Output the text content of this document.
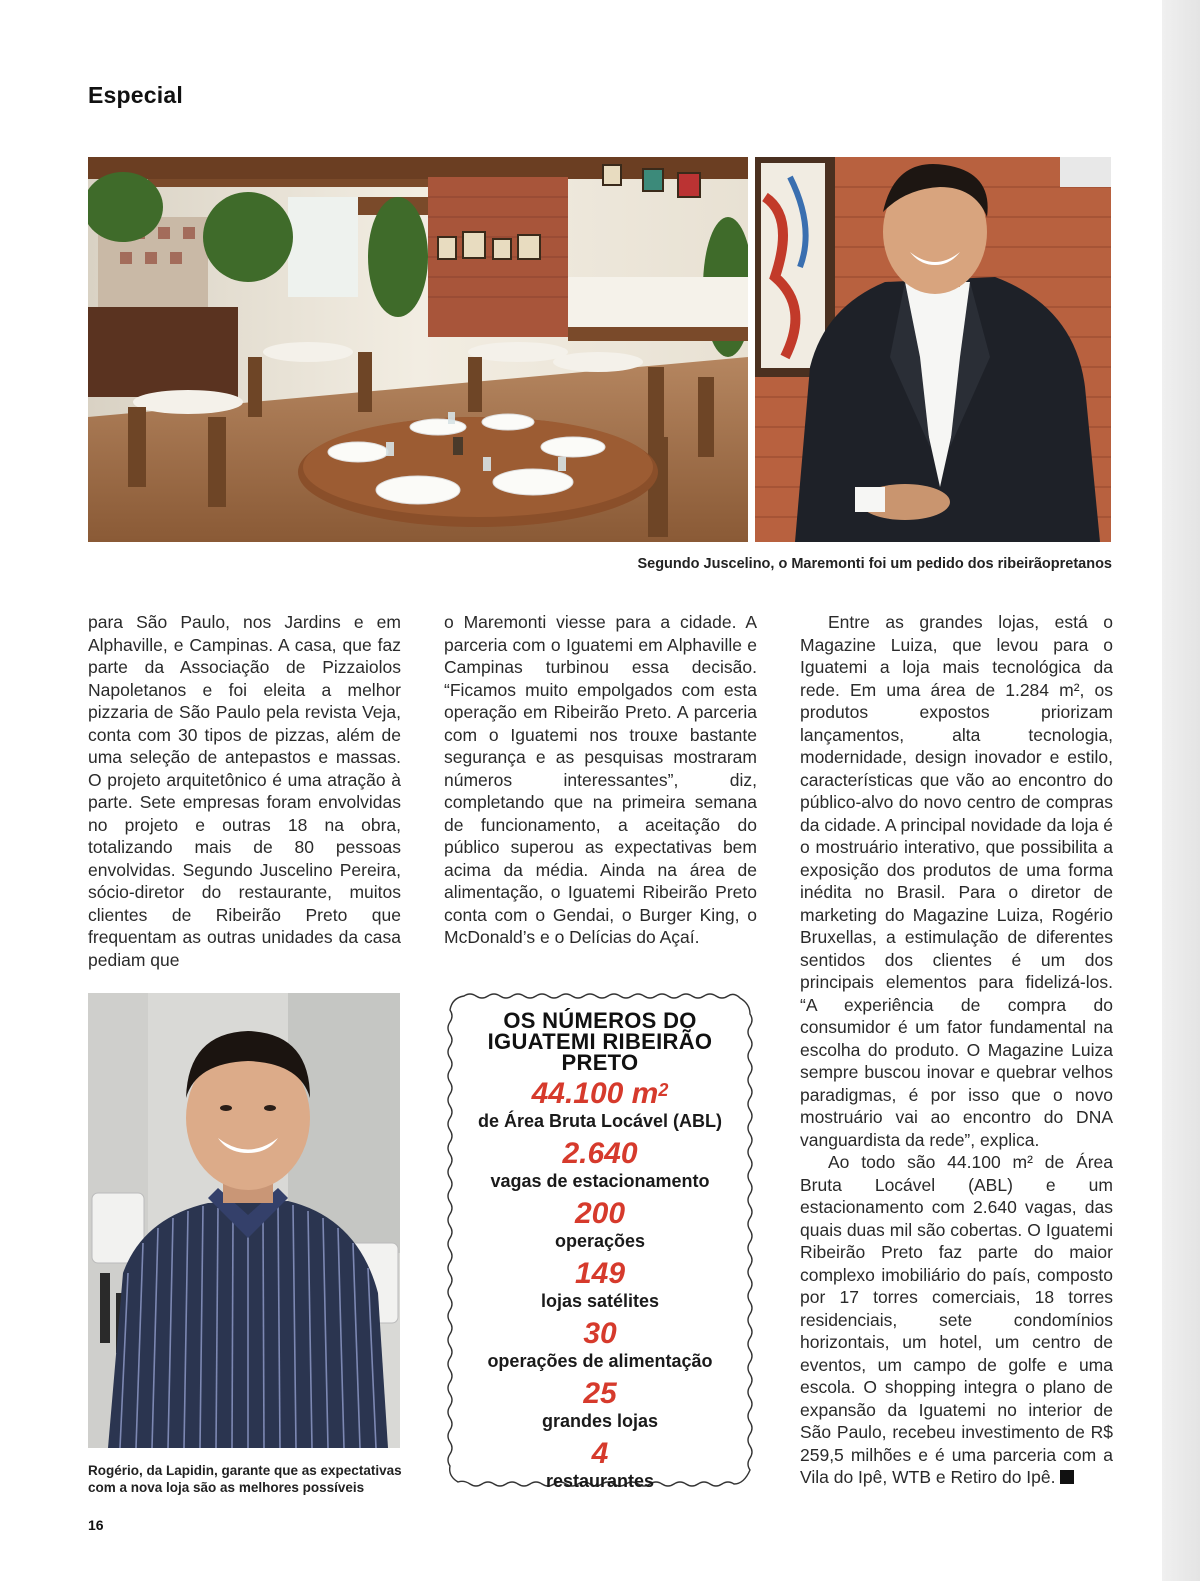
Especial
Segundo Juscelino, o Maremonti foi um pedido dos ribeirãopretanos

para São Paulo, nos Jardins e em Alphaville, e Campinas. A casa, que faz parte da Associação de Pizzaiolos Napoletanos e foi eleita a melhor pizzaria de São Paulo pela revista Veja, conta com 30 tipos de pizzas, além de uma seleção de antepastos e massas. O projeto arquitetônico é uma atração à parte. Sete empresas foram envolvidas no projeto e outras 18 na obra, totalizando mais de 80 pessoas envolvidas. Segundo Juscelino Pereira, sócio-diretor do restaurante, muitos clientes de Ribeirão Preto que frequentam as outras unidades da casa pediam que

o Maremonti viesse para a cidade. A parceria com o Iguatemi em Alphaville e Campinas turbinou essa decisão. “Ficamos muito empolgados com esta operação em Ribeirão Preto. A parceria com o Iguatemi nos trouxe bastante segurança e as pesquisas mostraram números interessantes”, diz, completando que na primeira semana de funcionamento, a aceitação do público superou as expectativas bem acima da média. Ainda na área de alimentação, o Iguatemi Ribeirão Preto conta com o Gendai, o Burger King, o McDonald’s e o Delícias do Açaí.

Entre as grandes lojas, está o Magazine Luiza, que levou para o Iguatemi a loja mais tecnológica da rede. Em uma área de 1.284 m², os produtos expostos priorizam lançamentos, alta tecnologia, modernidade, design inovador e estilo, características que vão ao encontro do público-alvo do novo centro de compras da cidade. A principal novidade da loja é o mostruário interativo, que possibilita a exposição dos produtos de uma forma inédita no Brasil. Para o diretor de marketing do Magazine Luiza, Rogério Bruxellas, a estimulação de diferentes sentidos dos clientes é um dos principais elementos para fidelizá-los. “A experiência de compra do consumidor é um fator fundamental na escolha do produto. O Magazine Luiza sempre buscou inovar e quebrar velhos paradigmas, é por isso que o novo mostruário vai ao encontro do DNA vanguardista da rede”, explica.

Ao todo são 44.100 m² de Área Bruta Locável (ABL) e um estacionamento com 2.640 vagas, das quais duas mil são cobertas. O Iguatemi Ribeirão Preto faz parte do maior complexo imobiliário do país, composto por 17 torres comerciais, 18 torres residenciais, sete condomínios horizontais, um hotel, um centro de eventos, um campo de golfe e uma escola. O shopping integra o plano de expansão da Iguatemi no interior de São Paulo, recebeu investimento de R$ 259,5 milhões e é uma parceria com a Vila do Ipê, WTB e Retiro do Ipê.

Rogério, da Lapidin, garante que as expectativas com a nova loja são as melhores possíveis
OS NÚMEROS DO IGUATEMI RIBEIRÃO PRETO
44.100 $m^2$
de Área Bruta Locável (ABL)
2.640
vagas de estacionamento
200
operações
149
lojas satélites
30
operações de alimentação
25
grandes lojas
4
restaurantes
16
